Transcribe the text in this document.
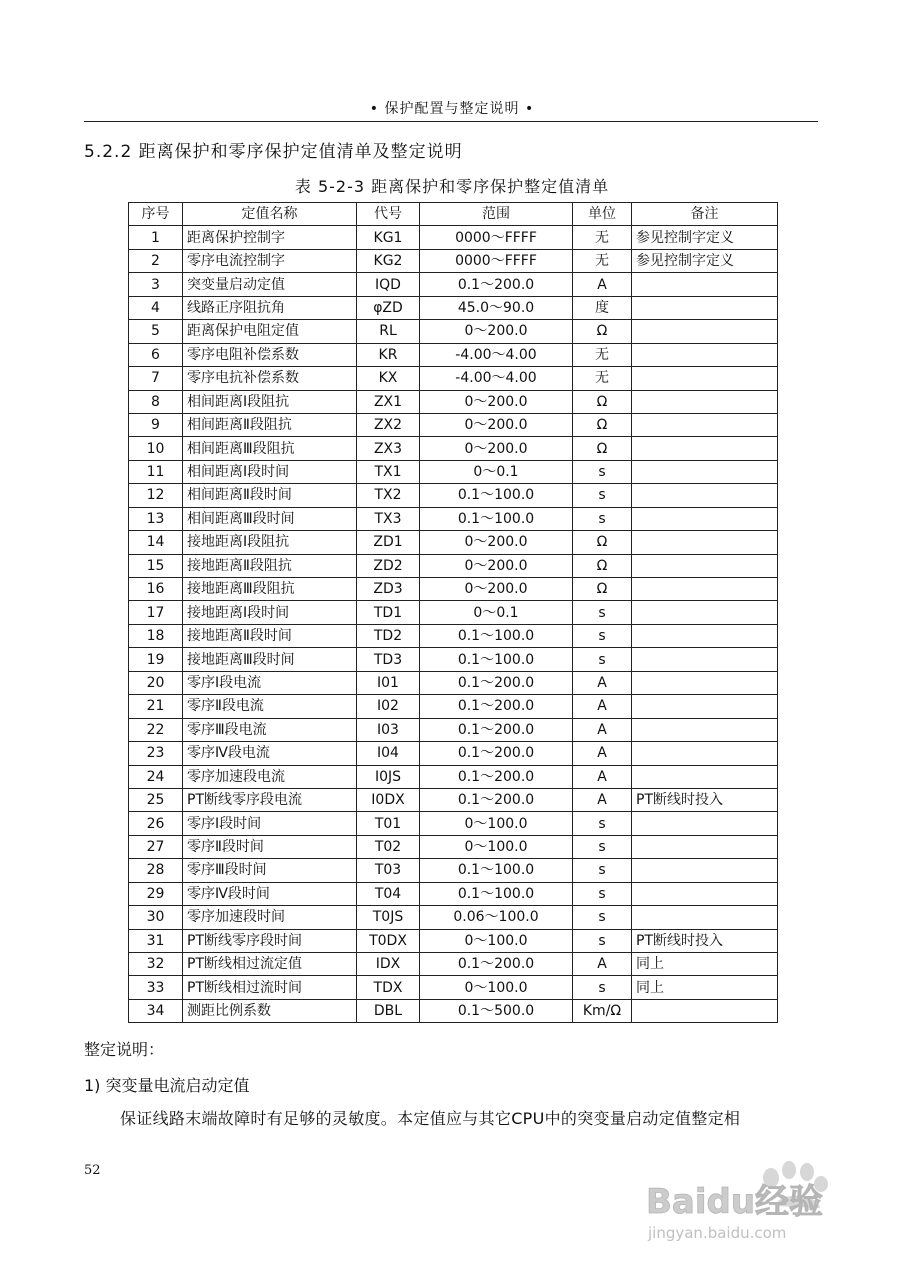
• 保护配置与整定说明 •
5.2.2 距离保护和零序保护定值清单及整定说明
表 5-2-3 距离保护和零序保护整定值清单
序号	定值名称	代号	范围	单位	备注
1	距离保护控制字	KG1	0000～FFFF	无	参见控制字定义
2	零序电流控制字	KG2	0000～FFFF	无	参见控制字定义
3	突变量启动定值	IQD	0.1～200.0	A	
4	线路正序阻抗角	φZD	45.0～90.0	度	
5	距离保护电阻定值	RL	0～200.0	Ω	
6	零序电阻补偿系数	KR	-4.00～4.00	无	
7	零序电抗补偿系数	KX	-4.00～4.00	无	
8	相间距离Ⅰ段阻抗	ZX1	0～200.0	Ω	
9	相间距离Ⅱ段阻抗	ZX2	0～200.0	Ω	
10	相间距离Ⅲ段阻抗	ZX3	0～200.0	Ω	
11	相间距离Ⅰ段时间	TX1	0～0.1	s	
12	相间距离Ⅱ段时间	TX2	0.1～100.0	s	
13	相间距离Ⅲ段时间	TX3	0.1～100.0	s	
14	接地距离Ⅰ段阻抗	ZD1	0～200.0	Ω	
15	接地距离Ⅱ段阻抗	ZD2	0～200.0	Ω	
16	接地距离Ⅲ段阻抗	ZD3	0～200.0	Ω	
17	接地距离Ⅰ段时间	TD1	0～0.1	s	
18	接地距离Ⅱ段时间	TD2	0.1～100.0	s	
19	接地距离Ⅲ段时间	TD3	0.1～100.0	s	
20	零序Ⅰ段电流	I01	0.1～200.0	A	
21	零序Ⅱ段电流	I02	0.1～200.0	A	
22	零序Ⅲ段电流	I03	0.1～200.0	A	
23	零序Ⅳ段电流	I04	0.1～200.0	A	
24	零序加速段电流	I0JS	0.1～200.0	A	
25	PT断线零序段电流	I0DX	0.1～200.0	A	PT断线时投入
26	零序Ⅰ段时间	T01	0～100.0	s	
27	零序Ⅱ段时间	T02	0～100.0	s	
28	零序Ⅲ段时间	T03	0.1～100.0	s	
29	零序Ⅳ段时间	T04	0.1～100.0	s	
30	零序加速段时间	T0JS	0.06～100.0	s	
31	PT断线零序段时间	T0DX	0～100.0	s	PT断线时投入
32	PT断线相过流定值	IDX	0.1～200.0	A	同上
33	PT断线相过流时间	TDX	0～100.0	s	同上
34	测距比例系数	DBL	0.1～500.0	Km/Ω	
整定说明：
1) 突变量电流启动定值
保证线路末端故障时有足够的灵敏度。本定值应与其它CPU中的突变量启动定值整定相
52
Baidu经验
jingyan.baidu.com
